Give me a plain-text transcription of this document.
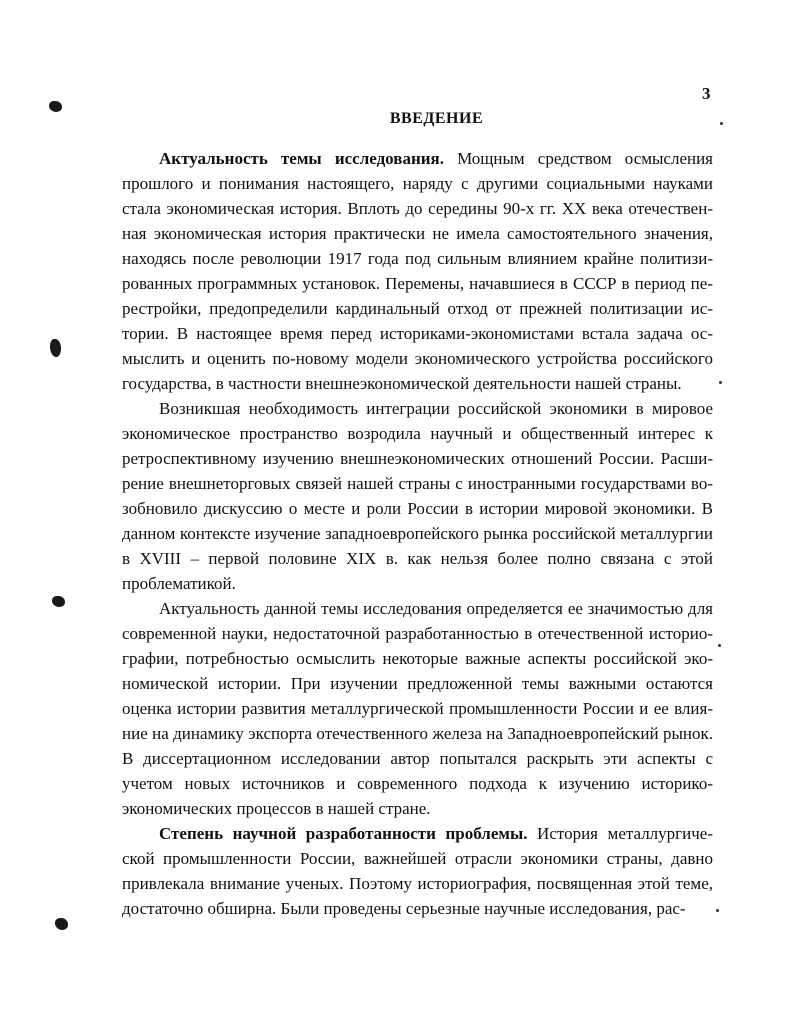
3
ВВЕДЕНИЕ

Актуальность темы исследования. Мощным средством осмысления прошлого и понимания настоящего, наряду с другими социальными науками стала экономическая история. Вплоть до середины 90-х гг. XX века отечественная экономическая история практически не имела самостоятельного значения, находясь после революции 1917 года под сильным влиянием крайне политизированных программных установок. Перемены, начавшиеся в СССР в период перестройки, предопределили кардинальный отход от прежней политизации истории. В настоящее время перед историками-экономистами встала задача осмыслить и оценить по-новому модели экономического устройства российского государства, в частности внешнеэкономической деятельности нашей страны.

Возникшая необходимость интеграции российской экономики в мировое экономическое пространство возродила научный и общественный интерес к ретроспективному изучению внешнеэкономических отношений России. Расширение внешнеторговых связей нашей страны с иностранными государствами возобновило дискуссию о месте и роли России в истории мировой экономики. В данном контексте изучение западноевропейского рынка российской металлургии в XVIII – первой половине XIX в. как нельзя более полно связана с этой проблематикой.

Актуальность данной темы исследования определяется ее значимостью для современной науки, недостаточной разработанностью в отечественной историографии, потребностью осмыслить некоторые важные аспекты российской экономической истории. При изучении предложенной темы важными остаются оценка истории развития металлургической промышленности России и ее влияние на динамику экспорта отечественного железа на Западноевропейский рынок. В диссертационном исследовании автор попытался раскрыть эти аспекты с учетом новых источников и современного подхода к изучению историко-экономических процессов в нашей стране.

Степень научной разработанности проблемы. История металлургической промышленности России, важнейшей отрасли экономики страны, давно привлекала внимание ученых. Поэтому историография, посвященная этой теме, достаточно обширна. Были проведены серьезные научные исследования, рас-
